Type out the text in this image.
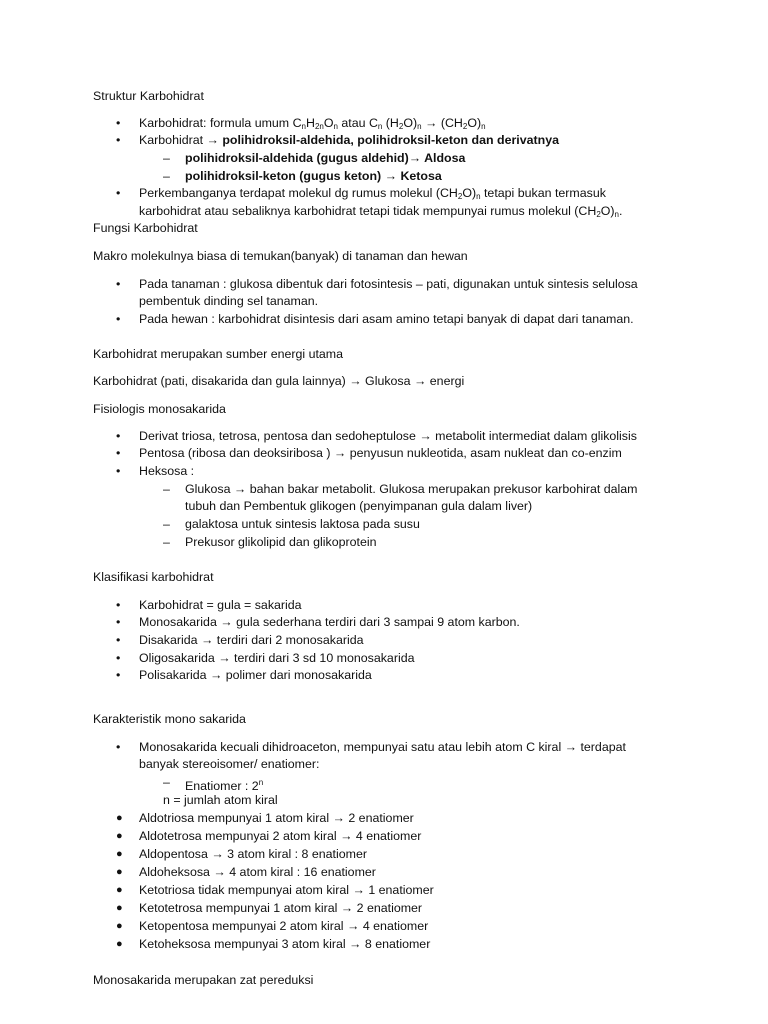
Struktur Karbohidrat
• Karbohidrat: formula umum $C_nH_{2n}O_n$ atau $C_n$ $(H_2O)_n \to (CH_2O)_n$
• Karbohidrat → polihidroksil-aldehida, polihidroksil-keton dan derivatnya
– polihidroksil-aldehida (gugus aldehid)→ Aldosa
– polihidroksil-keton (gugus keton) → Ketosa
• Perkembanganya terdapat molekul dg rumus molekul $(CH_2O)_n$ tetapi bukan termasuk
karbohidrat atau sebaliknya karbohidrat tetapi tidak mempunyai rumus molekul $(CH_2O)_n$.
Fungsi Karbohidrat
Makro molekulnya biasa di temukan(banyak) di tanaman dan hewan
• Pada tanaman : glukosa dibentuk dari fotosintesis – pati, digunakan untuk sintesis selulosa
pembentuk dinding sel tanaman.
• Pada hewan : karbohidrat disintesis dari asam amino tetapi banyak di dapat dari tanaman.
Karbohidrat merupakan sumber energi utama
Karbohidrat (pati, disakarida dan gula lainnya) → Glukosa → energi
Fisiologis monosakarida
• Derivat triosa, tetrosa, pentosa dan sedoheptulose → metabolit intermediat dalam glikolisis
• Pentosa (ribosa dan deoksiribosa ) → penyusun nukleotida, asam nukleat dan co-enzim
• Heksosa :
– Glukosa → bahan bakar metabolit. Glukosa merupakan prekusor karbohirat dalam
tubuh dan Pembentuk glikogen (penyimpanan gula dalam liver)
– galaktosa untuk sintesis laktosa pada susu
– Prekusor glikolipid dan glikoprotein
Klasifikasi karbohidrat
• Karbohidrat = gula = sakarida
• Monosakarida → gula sederhana terdiri dari 3 sampai 9 atom karbon.
• Disakarida → terdiri dari 2 monosakarida
• Oligosakarida → terdiri dari 3 sd 10 monosakarida
• Polisakarida → polimer dari monosakarida
Karakteristik mono sakarida
• Monosakarida kecuali dihidroaceton, mempunyai satu atau lebih atom C kiral → terdapat
banyak stereoisomer/ enatiomer:
– Enatiomer : 2$^n$
n = jumlah atom kiral
● Aldotriosa mempunyai 1 atom kiral → 2 enatiomer
● Aldotetrosa mempunyai 2 atom kiral → 4 enatiomer
● Aldopentosa → 3 atom kiral : 8 enatiomer
● Aldoheksosa → 4 atom kiral : 16 enatiomer
● Ketotriosa tidak mempunyai atom kiral → 1 enatiomer
● Ketotetrosa mempunyai 1 atom kiral → 2 enatiomer
● Ketopentosa mempunyai 2 atom kiral → 4 enatiomer
● Ketoheksosa mempunyai 3 atom kiral → 8 enatiomer
Monosakarida merupakan zat pereduksi
